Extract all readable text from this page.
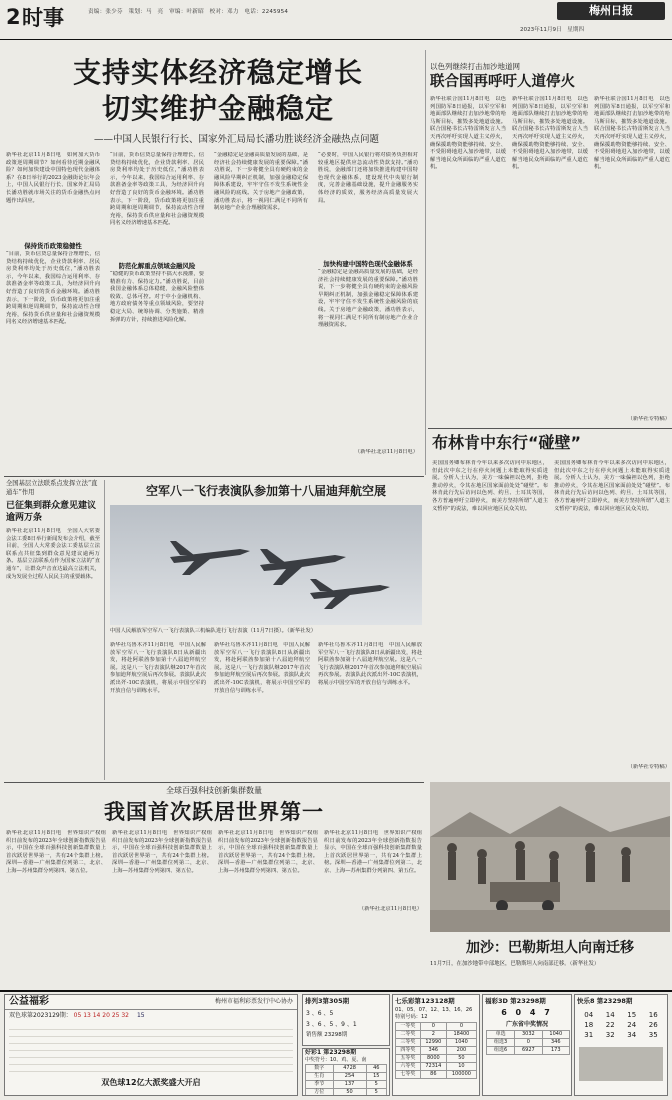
2 时事	责编：张少芬　策划：马　亮　审编：叶新昭　校对：邓力　电话：2245954	梅州日报
2023年11月9日　星期四
支持实体经济稳定增长
切实维护金融稳定
——中国人民银行行长、国家外汇局局长潘功胜谈经济金融热点问题
新华社北京11月8日电　如何加大货币政策逆周期调节？如何看待近期金融风险？如何加快建设中国特色现代金融体系？在8日举行的2023金融街论坛年会上，中国人民银行行长、国家外汇局局长潘功胜就市场关注的货币金融热点问题作出回应。
保持货币政策稳健性
“目前，货币信贷总量保持合理增长，信贷结构持续优化，企业贷款利率、居民房贷利率均处于历史低位，”潘功胜表示，今年以来，我国综合运用利率、存款准备金率等政策工具，为经济回升向好营造了良好的货币金融环境。潘功胜表示，下一阶段，货币政策将更加注重跨周期和逆周期调节，保持流动性合理充裕，保持货币供应量和社会融资规模同名义经济增速基本匹配。
“目前，货币信贷总量保持合理增长，信贷结构持续优化，企业贷款利率、居民房贷利率均处于历史低位，”潘功胜表示，今年以来，我国综合运用利率、存款准备金率等政策工具，为经济回升向好营造了良好的货币金融环境。潘功胜表示，下一阶段，货币政策将更加注重跨周期和逆周期调节，保持流动性合理充裕，保持货币供应量和社会融资规模同名义经济增速基本匹配。
防范化解重点领域金融风险
“稳健的货币政策坚持不搞大水漫灌，要精准有力、保持定力。”潘功胜说，目前我国金融体系总体稳健，金融风险整体收敛、总体可控。对于中小金融机构、地方政府债务等重点领域风险，要坚持稳定大局、统筹协调、分类施策、精准拆弹的方针，持续推进风险化解。
“金融稳定是金融高质量发展的基础，是经济社会持续健康发展的重要保障。”潘功胜说，下一步将健全具有硬约束的金融风险早期纠正机制，加强金融稳定保障体系建设，牢牢守住不发生系统性金融风险的底线。关于房地产金融政策，潘功胜表示，将一视同仁满足不同所有制房地产企业合理融资需求。
“必要时，中国人民银行将对债务负担相对较重地区提供应急流动性贷款支持。”潘功胜说，金融部门还将加快推进构建中国特色现代金融体系，建设现代中央银行制度，完善金融基础设施，提升金融服务实体经济的质效，服务经济高质量发展大局。
加快构建中国特色现代金融体系
“金融稳定是金融高质量发展的基础，是经济社会持续健康发展的重要保障。”潘功胜说，下一步将健全具有硬约束的金融风险早期纠正机制，加强金融稳定保障体系建设，牢牢守住不发生系统性金融风险的底线。关于房地产金融政策，潘功胜表示，将一视同仁满足不同所有制房地产企业合理融资需求。
（新华社北京11月8日电）
以色列继续打击加沙地道网
联合国再呼吁人道停火
新华社联合国11月8日电　以色列国防军8日通报，以军空军和地面部队继续打击加沙地带的哈马斯目标，摧毁多处地道设施。联合国秘书长古特雷斯发言人当天再次呼吁实现人道主义停火，确保援助物资能够持续、安全、不受阻碍地进入加沙地带，以缓解当地民众所面临的严重人道危机。
新华社联合国11月8日电　以色列国防军8日通报，以军空军和地面部队继续打击加沙地带的哈马斯目标，摧毁多处地道设施。联合国秘书长古特雷斯发言人当天再次呼吁实现人道主义停火，确保援助物资能够持续、安全、不受阻碍地进入加沙地带，以缓解当地民众所面临的严重人道危机。
新华社联合国11月8日电　以色列国防军8日通报，以军空军和地面部队继续打击加沙地带的哈马斯目标，摧毁多处地道设施。联合国秘书长古特雷斯发言人当天再次呼吁实现人道主义停火，确保援助物资能够持续、安全、不受阻碍地进入加沙地带，以缓解当地民众所面临的严重人道危机。
（新华社专特稿）
布林肯中东行“碰壁”
美国国务卿布林肯今年以来多次访问中东地区，但此次中东之行在停火问题上未能取得实质进展。分析人士认为，美方一味偏袒以色列，拒绝推动停火，令其在地区国家面前处处“碰壁”。布林肯此行先后访问以色列、约旦、土耳其等国，各方普遍呼吁立即停火，而美方坚持所谓“人道主义暂停”的说法，难以回应地区民众关切。
美国国务卿布林肯今年以来多次访问中东地区，但此次中东之行在停火问题上未能取得实质进展。分析人士认为，美方一味偏袒以色列，拒绝推动停火，令其在地区国家面前处处“碰壁”。布林肯此行先后访问以色列、约旦、土耳其等国，各方普遍呼吁立即停火，而美方坚持所谓“人道主义暂停”的说法，难以回应地区民众关切。
（新华社专特稿）
全国基层立法联系点发挥立法“直通车”作用
已征集到群众意见建议逾两万条
新华社北京11月8日电　全国人大常委会法工委8日举行新闻发布会介绍，截至目前，全国人大常委会法工委基层立法联系点共征集到群众意见建议逾两万条。基层立法联系点作为国家立法的“直通车”，让群众声音直达最高立法机关，成为发展全过程人民民主的重要载体。
空军八一飞行表演队参加第十八届迪拜航空展
中国人民解放军空军八一飞行表演队三机编队进行飞行表演（11月7日摄）。（新华社发）
新华社乌鲁木齐11月8日电　中国人民解放军空军八一飞行表演队8日从新疆出发，将赴阿联酋参加第十八届迪拜航空展。这是八一飞行表演队继2017年首次参加迪拜航空展后再次参展。表演队此次派出歼-10C表演机，将展示中国空军的开放自信与训练水平。
新华社乌鲁木齐11月8日电　中国人民解放军空军八一飞行表演队8日从新疆出发，将赴阿联酋参加第十八届迪拜航空展。这是八一飞行表演队继2017年首次参加迪拜航空展后再次参展。表演队此次派出歼-10C表演机，将展示中国空军的开放自信与训练水平。
新华社乌鲁木齐11月8日电　中国人民解放军空军八一飞行表演队8日从新疆出发，将赴阿联酋参加第十八届迪拜航空展。这是八一飞行表演队继2017年首次参加迪拜航空展后再次参展。表演队此次派出歼-10C表演机，将展示中国空军的开放自信与训练水平。
全球百强科技创新集群数量
我国首次跃居世界第一
新华社北京11月8日电　世界知识产权组织日前发布的2023年全球创新指数报告显示，中国在全球百强科技创新集群数量上首次跃居世界第一，共有24个集群上榜。深圳—香港—广州集群位列第二，北京、上海—苏州集群分列第四、第五位。
新华社北京11月8日电　世界知识产权组织日前发布的2023年全球创新指数报告显示，中国在全球百强科技创新集群数量上首次跃居世界第一，共有24个集群上榜。深圳—香港—广州集群位列第二，北京、上海—苏州集群分列第四、第五位。
新华社北京11月8日电　世界知识产权组织日前发布的2023年全球创新指数报告显示，中国在全球百强科技创新集群数量上首次跃居世界第一，共有24个集群上榜。深圳—香港—广州集群位列第二，北京、上海—苏州集群分列第四、第五位。
新华社北京11月8日电　世界知识产权组织日前发布的2023年全球创新指数报告显示，中国在全球百强科技创新集群数量上首次跃居世界第一，共有24个集群上榜。深圳—香港—广州集群位列第二，北京、上海—苏州集群分列第四、第五位。
（新华社北京11月8日电）
加沙：巴勒斯坦人向南迁移
11月7日，在加沙地带中部地区，巴勒斯坦人向南部迁移。（新华社发）
公益福彩	梅州市福利彩票发行中心协办
双色球第2023129期： 05 13 14 20 25 32　 15
双色球12亿大派奖盛大开启
排列3第305期
3 、6 、5
3 、6 、5 、9 、1
销售额 23298期
七乐彩第123128期
01、05、07、12、13、16、26
特别号码：12
一等奖	0	0
二等奖	2	18400
三等奖	12990	1040
四等奖	346	200
五等奖	8000	50
六等奖	72314	10
七等奖	86	100000
福彩3D 第23298期
6 0 4 7
广东省中奖情况
单选	3032	1040
组选3	0	346
组选6	6927	173
好彩1 第23298期
中奖符号：10、鸡、夏、南
数字	4728	46
生肖	254	15
季节	137	5
方位	50	5
快乐8 第23298期
04	14	15	16
18	22	24	26
31	32	34	35
